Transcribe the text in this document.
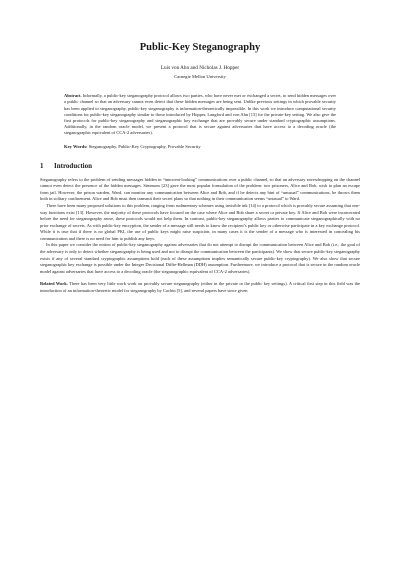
Public-Key Steganography
Luis von Ahn and Nicholas J. Hopper
Carnegie Mellon University
Abstract. Informally, a public-key steganography protocol allows two parties, who have never met or exchanged a secret, to send hidden messages over a public channel so that an adversary cannot even detect that these hidden messages are being sent. Unlike previous settings in which provable security has been applied to steganography, public-key steganography is information-theoretically impossible. In this work we introduce computational security conditions for public-key steganography similar to those introduced by Hopper, Langford and von Ahn [13] for the private-key setting. We also give the first protocols for public-key steganography and steganographic key exchange that are provably secure under standard cryptographic assumptions. Additionally, in the random oracle model, we present a protocol that is secure against adversaries that have access to a decoding oracle (the steganographic equivalent of CCA-2 adversaries).
Key Words: Steganography, Public-Key Cryptography, Provable Security
1 Introduction

Steganography refers to the problem of sending messages hidden in “innocent-looking” communications over a public channel, so that an adversary eavesdropping on the channel cannot even detect the presence of the hidden messages. Simmons [23] gave the most popular formulation of the problem: two prisoners, Alice and Bob, wish to plan an escape from jail. However, the prison warden, Ward, can monitor any communication between Alice and Bob, and if he detects any hint of “unusual” communications, he throws them both in solitary confinement. Alice and Bob must then transmit their secret plans so that nothing in their communication seems “unusual” to Ward.

There have been many proposed solutions to this problem, ranging from rudimentary schemes using invisible ink [14] to a protocol which is provably secure assuming that one-way functions exist [13]. However, the majority of these protocols have focused on the case where Alice and Bob share a secret or private key. If Alice and Bob were incarcerated before the need for steganography arose, these protocols would not help them. In contrast, public-key steganography allows parties to communicate steganographically with no prior exchange of secrets. As with public-key encryption, the sender of a message still needs to know the recipient’s public key or otherwise participate in a key exchange protocol. While it is true that if there is no global PKI, the use of public keys might raise suspicion, in many cases it is the sender of a message who is interested in concealing his communication and there is no need for him to publish any keys.

In this paper we consider the notion of public-key steganography against adversaries that do not attempt to disrupt the communication between Alice and Bob (i.e., the goal of the adversary is only to detect whether steganography is being used and not to disrupt the communication between the participants). We show that secure public-key steganography exists if any of several standard cryptographic assumptions hold (each of these assumptions implies semantically secure public-key cryptography). We also show that secure steganographic key exchange is possible under the Integer Decisional Diffie-Hellman (DDH) assumption. Furthermore, we introduce a protocol that is secure in the random oracle model against adversaries that have access to a decoding oracle (the steganographic equivalent of CCA-2 adversaries).

Related Work. There has been very little work work on provably secure steganography (either in the private or the public key settings). A critical first step in this field was the introduction of an information-theoretic model for steganography by Cachin [5], and several papers have since given
